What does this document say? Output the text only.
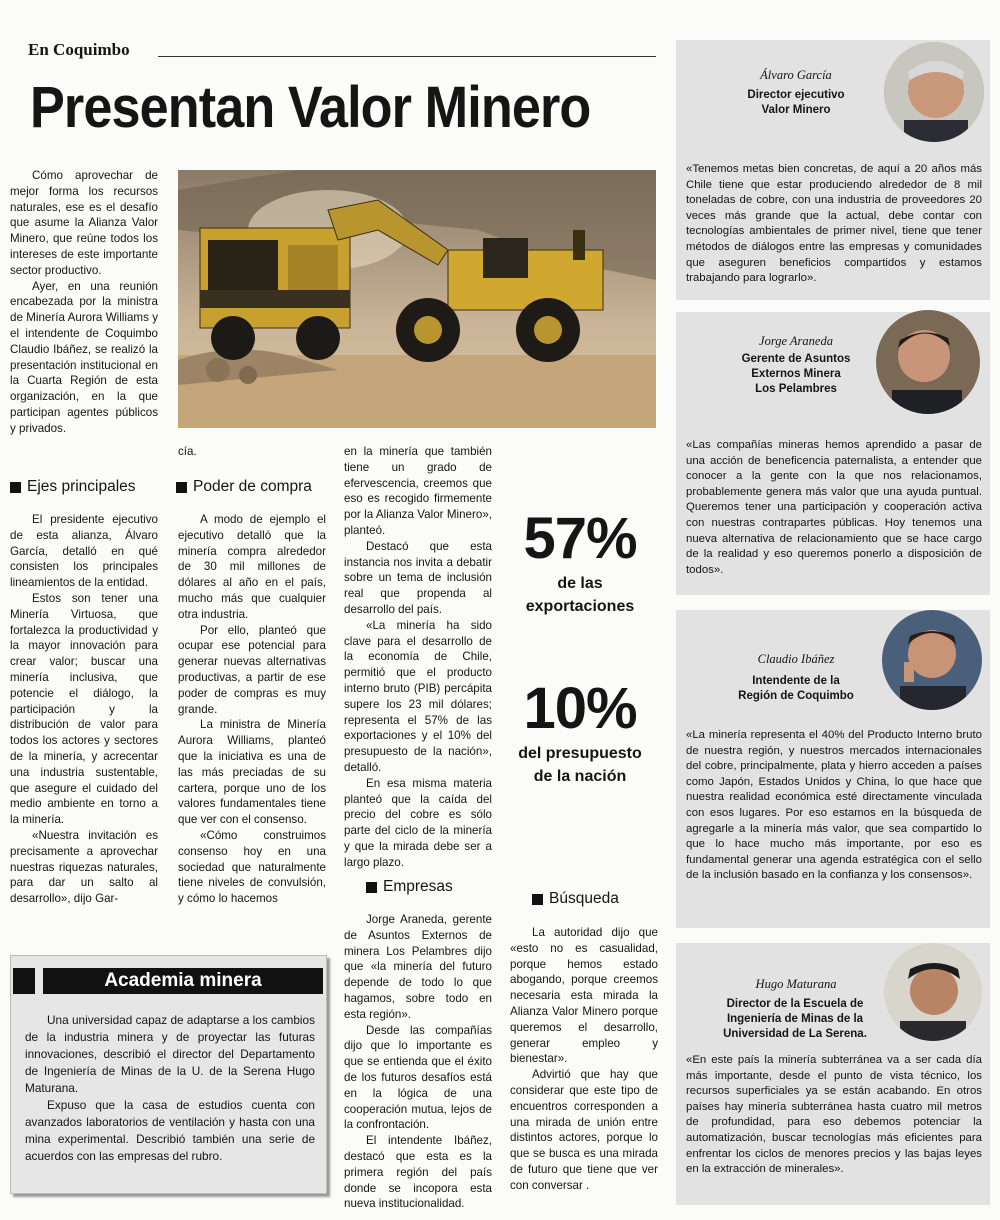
En Coquimbo
Presentan Valor Minero

Cómo aprovechar de mejor forma los recursos naturales, ese es el desafío que asume la Alianza Valor Minero, que reúne todos los intereses de este importante sector productivo.

Ayer, en una reunión encabezada por la ministra de Minería Aurora Williams y el intendente de Coquimbo Claudio Ibáñez, se realizó la presentación institucional en la Cuarta Región de esta organización, en la que participan agentes públicos y privados.

Ejes principales

El presidente ejecutivo de esta alianza, Álvaro García, detalló en qué consisten los principales lineamientos de la entidad.

Estos son tener una Minería Virtuosa, que fortalezca la productividad y la mayor innovación para crear valor; buscar una minería inclusiva, que potencie el diálogo, la participación y la distribución de valor para todos los actores y sectores de la minería, y acrecentar una industria sustentable, que asegure el cuidado del medio ambiente en torno a la minería.

«Nuestra invitación es precisamente a aprovechar nuestras riquezas naturales, para dar un salto al desarrollo», dijo Gar-

cía.
Poder de compra

A modo de ejemplo el ejecutivo detalló que la minería compra alrededor de 30 mil millones de dólares al año en el país, mucho más que cualquier otra industria.

Por ello, planteó que ocupar ese potencial para generar nuevas alternativas productivas, a partir de ese poder de compras es muy grande.

La ministra de Minería Aurora Williams, planteó que la iniciativa es una de las más preciadas de su cartera, porque uno de los valores fundamentales tiene que ver con el consenso.

«Cómo construimos consenso hoy en una sociedad que naturalmente tiene niveles de convulsión, y cómo lo hacemos

en la minería que también tiene un grado de efervescencia, creemos que eso es recogido firmemente por la Alianza Valor Minero», planteó.

Destacó que esta instancia nos invita a debatir sobre un tema de inclusión real que propenda al desarrollo del país.

«La minería ha sido clave para el desarrollo de la economía de Chile, permitió que el producto interno bruto (PIB) percápita supere los 23 mil dólares; representa el 57% de las exportaciones y el 10% del presupuesto de la nación», detalló.

En esa misma materia planteó que la caída del precio del cobre es sólo parte del ciclo de la minería y que la mirada debe ser a largo plazo.

Empresas

Jorge Araneda, gerente de Asuntos Externos de minera Los Pelambres dijo que «la minería del futuro depende de todo lo que hagamos, sobre todo en esta región».

Desde las compañías dijo que lo importante es que se entienda que el éxito de los futuros desafíos está en la lógica de una cooperación mutua, lejos de la confrontación.

El intendente Ibáñez, destacó que esta es la primera región del país donde se incopora esta nueva institucionalidad.

57%
de las
exportaciones
10%
del presupuesto
de la nación
Búsqueda

La autoridad dijo que «esto no es casualidad, porque hemos estado abogando, porque creemos necesaria esta mirada la Alianza Valor Minero porque queremos el desarrollo, generar empleo y bienestar».

Advirtió que hay que considerar que este tipo de encuentros corresponden a una mirada de unión entre distintos actores, porque lo que se busca es una mirada de futuro que tiene que ver con conversar .

Academia minera

Una universidad capaz de adaptarse a los cambios de la industria minera y de proyectar las futuras innovaciones, describió el director del Departamento de Ingeniería de Minas de la U. de la Serena Hugo Maturana.

Expuso que la casa de estudios cuenta con avanzados laboratorios de ventilación y hasta con una mina experimental. Describió también una serie de acuerdos con las empresas del rubro.

Álvaro García
Director ejecutivo
Valor Minero
«Tenemos metas bien concretas, de aquí a 20 años más Chile tiene que estar produciendo alrededor de 8 mil toneladas de cobre, con una industria de proveedores 20 veces más grande que la actual, debe contar con tecnologías ambientales de primer nivel, tiene que tener métodos de diálogos entre las empresas y comunidades que aseguren beneficios compartidos y estamos trabajando para lograrlo».
Jorge Araneda
Gerente de Asuntos
Externos Minera
Los Pelambres
«Las compañías mineras hemos aprendido a pasar de una acción de beneficencia paternalista, a entender que conocer a la gente con la que nos relacionamos, probablemente genera más valor que una ayuda puntual. Queremos tener una participación y cooperación activa con nuestras contrapartes públicas. Hoy tenemos una nueva alternativa de relacionamiento que se hace cargo de la realidad y eso queremos ponerlo a disposición de todos».
Claudio Ibáñez
Intendente de la
Región de Coquimbo
«La minería representa el 40% del Producto Interno bruto de nuestra región, y nuestros mercados internacionales del cobre, principalmente, plata y hierro acceden a países como Japón, Estados Unidos y China, lo que hace que nuestra realidad económica esté directamente vinculada con esos lugares. Por eso estamos en la búsqueda de agregarle a la minería más valor, que sea compartido lo que lo hace mucho más importante, por eso es fundamental generar una agenda estratégica con el sello de la inclusión basado en la confianza y los consensos».
Hugo Maturana
Director de la Escuela de
Ingeniería de Minas de la
Universidad de La Serena.
«En este país la minería subterránea va a ser cada día más importante, desde el punto de vista técnico, los recursos superficiales ya se están acabando. En otros países hay minería subterránea hasta cuatro mil metros de profundidad, para eso debemos potenciar la automatización, buscar tecnologías más eficientes para enfrentar los ciclos de menores precios y las bajas leyes en la extracción de minerales».
